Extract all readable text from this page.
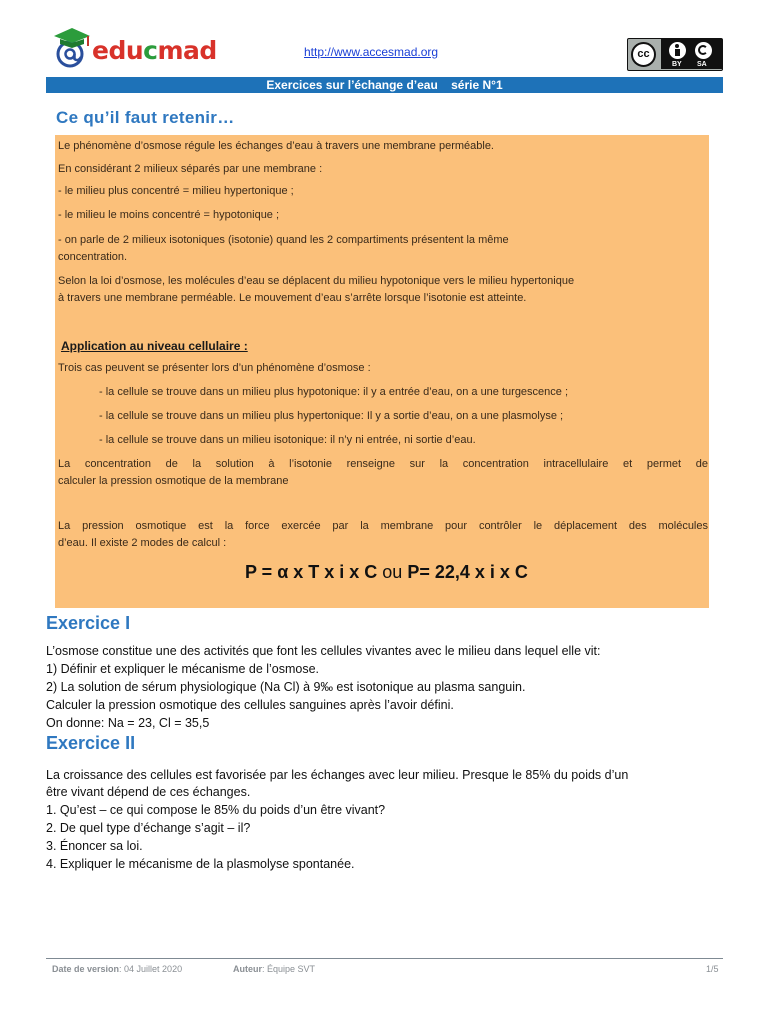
educmad	http://www.accesmad.org	cc
BY SA
Exercices sur l’échange d’eau    série N°1
Ce qu’il faut retenir…
Le phénomène d’osmose régule les échanges d’eau à travers une membrane perméable.
En considérant 2 milieux séparés par une membrane :
- le milieu plus concentré = milieu hypertonique ;
- le milieu le moins concentré = hypotonique ;
- on parle de 2 milieux isotoniques (isotonie) quand les 2 compartiments présentent la même
concentration.
Selon la loi d’osmose, les molécules d’eau se déplacent du milieu hypotonique vers le milieu hypertonique
à travers une membrane perméable. Le mouvement d’eau s’arrête lorsque l’isotonie est atteinte.
Application au niveau cellulaire :
Trois cas peuvent se présenter lors d’un phénomène d’osmose :
- la cellule se trouve dans un milieu plus hypotonique: il y a entrée d’eau, on a une turgescence ;
- la cellule se trouve dans un milieu plus hypertonique: Il y a sortie d’eau, on a une plasmolyse ;
- la cellule se trouve dans un milieu isotonique: il n’y ni entrée, ni sortie d’eau.
La concentration de la solution à l’isotonie renseigne sur la concentration intracellulaire et permet de
calculer la pression osmotique de la membrane
La pression osmotique est la force exercée par la membrane pour contrôler le déplacement des molécules
d’eau. Il existe 2 modes de calcul :
P = α x T x i x C ou P= 22,4 x i x C
Exercice I
L’osmose constitue une des activités que font les cellules vivantes avec le milieu dans lequel elle vit:
1) Définir et expliquer le mécanisme de l’osmose.
2) La solution de sérum physiologique (Na Cl) à 9‰ est isotonique au plasma sanguin.
Calculer la pression osmotique des cellules sanguines après l’avoir défini.
On donne: Na = 23, Cl = 35,5
Exercice II
La croissance des cellules est favorisée par les échanges avec leur milieu. Presque le 85% du poids d’un
être vivant dépend de ces échanges.
1. Qu’est – ce qui compose le 85% du poids d’un être vivant?
2. De quel type d’échange s’agit – il?
3. Énoncer sa loi.
4. Expliquer le mécanisme de la plasmolyse spontanée.
Date de version: 04 Juillet 2020	Auteur: Équipe SVT	1/5
